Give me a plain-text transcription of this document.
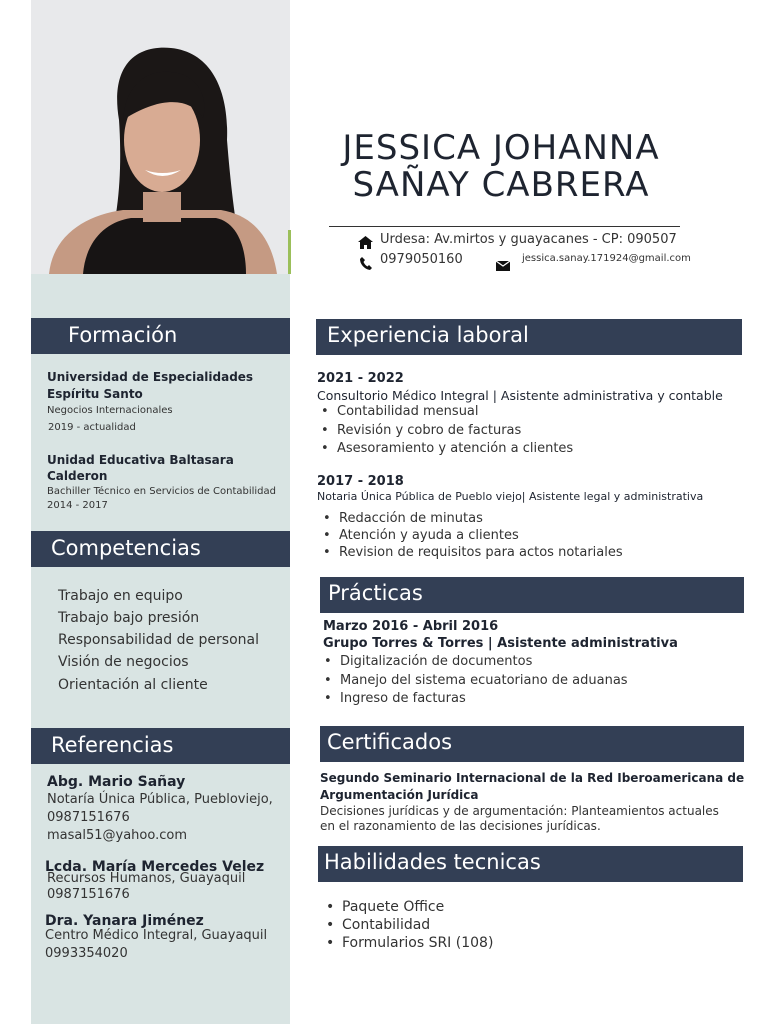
JESSICA JOHANNA
SAÑAY CABRERA
Urdesa: Av.mirtos y guayacanes - CP: 090507
0979050160	jessica.sanay.171924@gmail.com
Formación
Universidad de Especialidades
Espíritu Santo
Negocios Internacionales
2019 - actualidad
Unidad Educativa Baltasara
Calderon
Bachiller Técnico en Servicios de Contabilidad
2014 - 2017
Competencias
Trabajo en equipo
Trabajo bajo presión
Responsabilidad de personal
Visión de negocios
Orientación al cliente
Referencias
Abg. Mario Sañay
Notaría Única Pública, Puebloviejo,
0987151676
masal51@yahoo.com
Lcda. María Mercedes Velez
Recursos Humanos, Guayaquil
0987151676
Dra. Yanara Jiménez
Centro Médico Integral, Guayaquil
0993354020
Experiencia laboral
2021 - 2022
Consultorio Médico Integral | Asistente administrativa y contable
• Contabilidad mensual
• Revisión y cobro de facturas
• Asesoramiento y atención a clientes
2017 - 2018
Notaria Única Pública de Pueblo viejo| Asistente legal y administrativa
• Redacción de minutas
• Atención y ayuda a clientes
• Revision de requisitos para actos notariales
Prácticas
Marzo 2016 - Abril 2016
Grupo Torres & Torres | Asistente administrativa
• Digitalización de documentos
• Manejo del sistema ecuatoriano de aduanas
• Ingreso de facturas
Certificados
Segundo Seminario Internacional de la Red Iberoamericana de
Argumentación Jurídica
Decisiones jurídicas y de argumentación: Planteamientos actuales
en el razonamiento de las decisiones jurídicas.
Habilidades tecnicas
• Paquete Office
• Contabilidad
• Formularios SRI (108)
